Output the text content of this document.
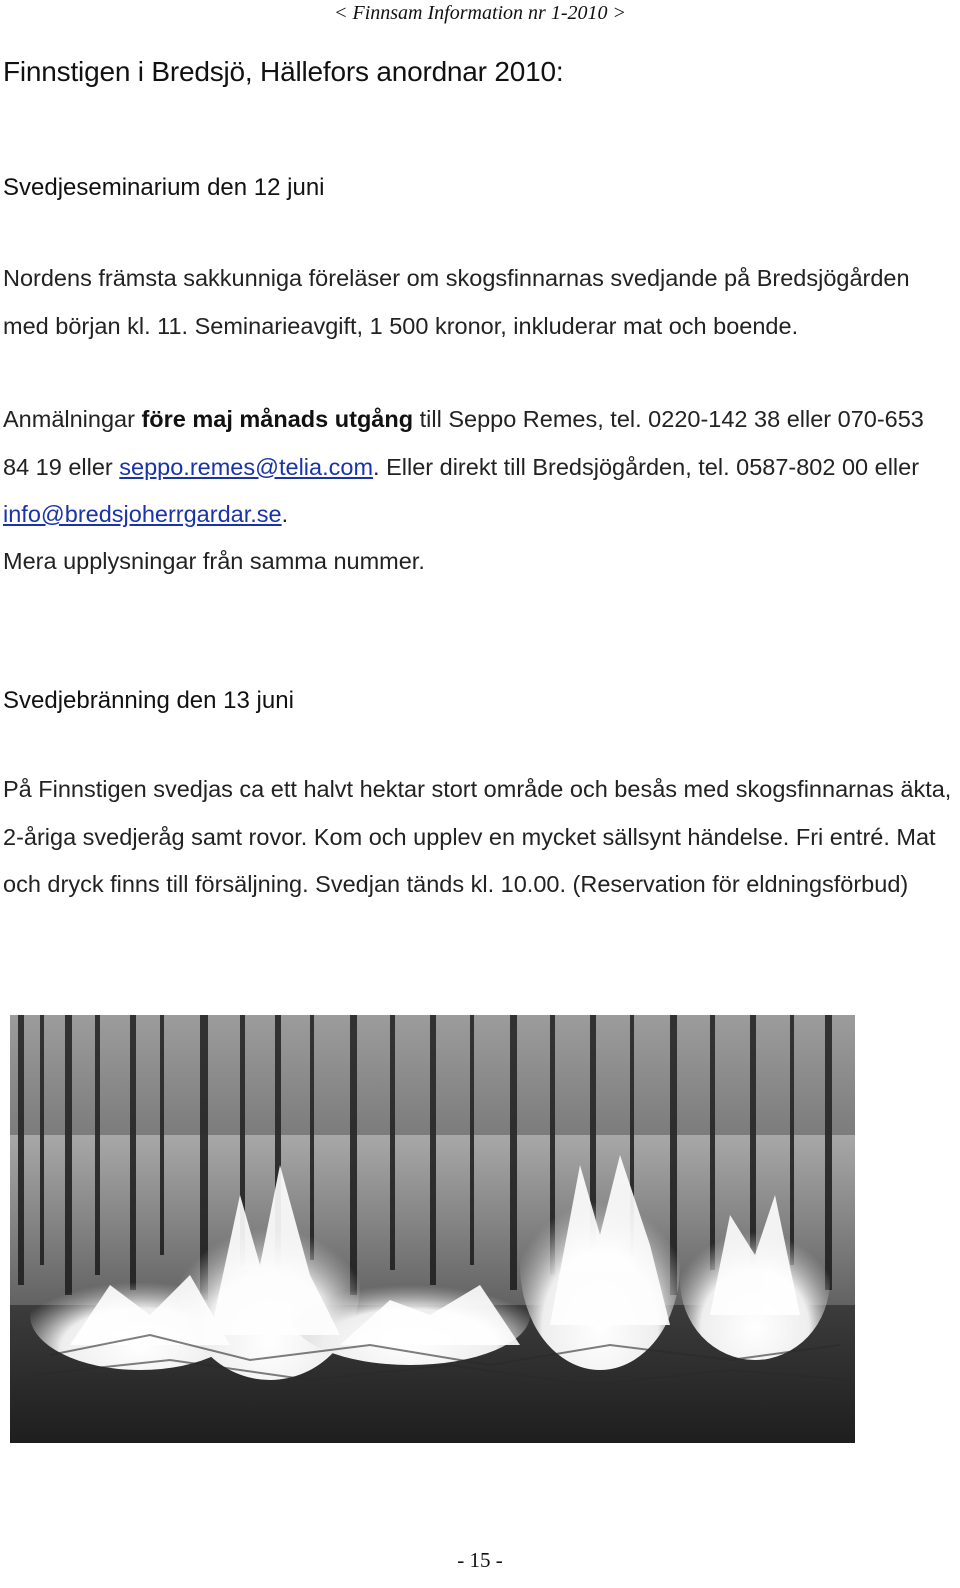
< Finnsam Information nr 1-2010 >
Finnstigen i Bredsjö, Hällefors anordnar 2010:
Svedjeseminarium den 12 juni

Nordens främsta sakkunniga föreläser om skogsfinnarnas svedjande på Bredsjögården med början kl. 11. Seminarieavgift, 1 500 kronor, inkluderar mat och boende.

Anmälningar före maj månads utgång till Seppo Remes, tel. 0220-142 38 eller 070-653 84 19 eller seppo.remes@telia.com. Eller direkt till Bredsjögården, tel. 0587-802 00 eller info@bredsjoherrgardar.se.

Mera upplysningar från samma nummer.

Svedjebränning den 13 juni

På Finnstigen svedjas ca ett halvt hektar stort område och besås med skogsfinnarnas äkta, 2-åriga svedjeråg samt rovor. Kom och upplev en mycket sällsynt händelse. Fri entré. Mat och dryck finns till försäljning. Svedjan tänds kl. 10.00. (Reservation för eldningsförbud)

- 15 -
